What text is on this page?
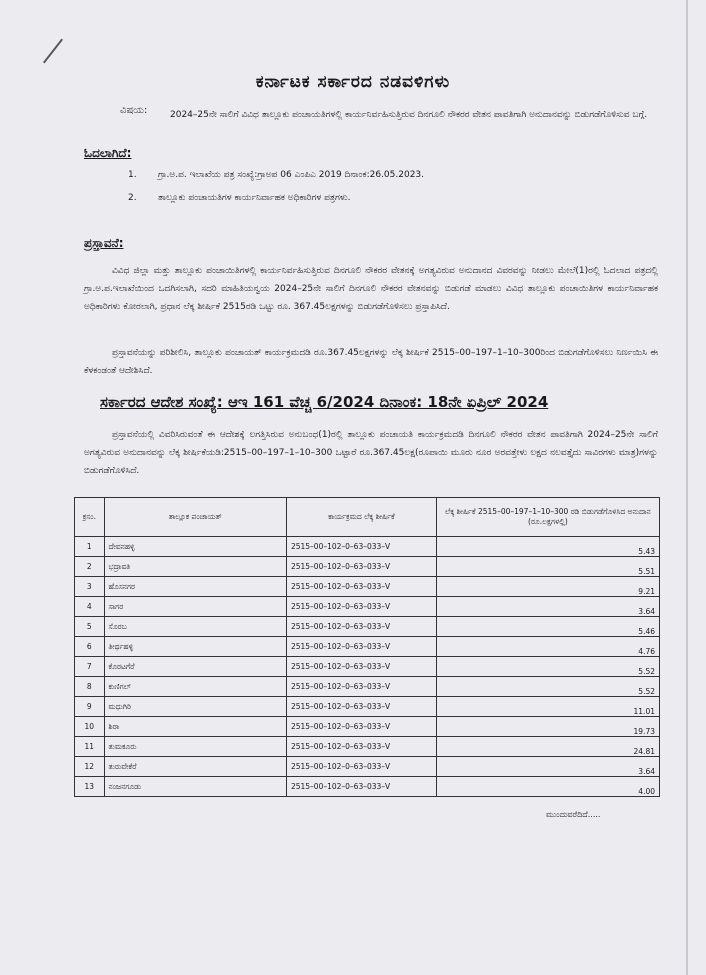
ಕರ್ನಾಟಕ ಸರ್ಕಾರದ ನಡವಳಿಗಳು
ವಿಷಯ:	2024–25ನೇ ಸಾಲಿಗೆ ವಿವಿಧ ತಾಲ್ಲೂಕು ಪಂಚಾಯತಿಗಳಲ್ಲಿ ಕಾರ್ಯನಿರ್ವಹಿಸುತ್ತಿರುವ ದಿನಗೂಲಿ ನೌಕರರ ವೇತನ ಪಾವತಿಗಾಗಿ ಅನುದಾನವನ್ನು ಬಿಡುಗಡೆಗೊಳಿಸುವ ಬಗ್ಗೆ.
ಓದಲಾಗಿದೆ:
1. ಗ್ರಾ.ಅ.ಪ. ಇಲಾಖೆಯ ಪತ್ರ ಸಂಖ್ಯೆ:ಗ್ರಾಅಪ 06 ಎಂಪಿಎ 2019 ದಿನಾಂಕ:26.05.2023.
2. ತಾಲ್ಲೂಕು ಪಂಚಾಯತಿಗಳ ಕಾರ್ಯನಿರ್ವಾಹಕ ಅಧಿಕಾರಿಗಳ ಪತ್ರಗಳು.
ಪ್ರಸ್ತಾವನೆ:
ವಿವಿಧ ಜಿಲ್ಲಾ ಮತ್ತು ತಾಲ್ಲೂಕು ಪಂಚಾಯಿತಿಗಳಲ್ಲಿ ಕಾರ್ಯನಿರ್ವಹಿಸುತ್ತಿರುವ ದಿನಗೂಲಿ ನೌಕರರ ವೇತನಕ್ಕೆ ಅಗತ್ಯವಿರುವ ಅನುದಾನದ ವಿವರವನ್ನು ನೀಡಲು ಮೇಲೆ(1)ರಲ್ಲಿ ಓದಲಾದ ಪತ್ರದಲ್ಲಿ ಗ್ರಾ.ಅ.ಪ.ಇಲಾಖೆಯಿಂದ ಒದಗಿಸಲಾಗಿ, ಸದರಿ ಮಾಹಿತಿಯನ್ವಯ 2024–25ನೇ ಸಾಲಿಗೆ ದಿನಗೂಲಿ ನೌಕರರ ವೇತನವನ್ನು ಬಿಡುಗಡೆ ಮಾಡಲು ವಿವಿಧ ತಾಲ್ಲೂಕು ಪಂಚಾಯಿತಿಗಳ ಕಾರ್ಯನಿರ್ವಾಹಕ ಅಧಿಕಾರಿಗಳು ಕೋರಲಾಗಿ, ಪ್ರಧಾನ ಲೆಕ್ಕ ಶೀರ್ಷಿಕೆ 2515ರಡಿ ಒಟ್ಟು ರೂ. 367.45ಲಕ್ಷಗಳನ್ನು ಬಿಡುಗಡೆಗೊಳಿಸಲು ಪ್ರಸ್ತಾಪಿಸಿದೆ.
ಪ್ರಸ್ತಾವನೆಯನ್ನು ಪರಿಶೀಲಿಸಿ, ತಾಲ್ಲೂಕು ಪಂಚಾಯತ್ ಕಾರ್ಯಕ್ರಮದಡಿ ರೂ.367.45ಲಕ್ಷಗಳನ್ನು ಲೆಕ್ಕ ಶೀರ್ಷಿಕೆ 2515–00–197–1–10–300ರಿಂದ ಬಿಡುಗಡೆಗೊಳಿಸಲು ನಿರ್ಣಯಿಸಿ ಈ ಕೆಳಕಂಡಂತೆ ಆದೇಶಿಸಿದೆ.
ಸರ್ಕಾರದ ಆದೇಶ ಸಂಖ್ಯೆ: ಆಇ 161 ವೆಚ್ಚ 6/2024 ದಿನಾಂಕ: 18ನೇ ಏಪ್ರಿಲ್ 2024
ಪ್ರಸ್ತಾವನೆಯಲ್ಲಿ ವಿವರಿಸಿರುವಂತೆ ಈ ಆದೇಶಕ್ಕೆ ಲಗತ್ತಿಸಿರುವ ಅನುಬಂಧ(1)ರಲ್ಲಿ ತಾಲ್ಲೂಕು ಪಂಚಾಯತಿ ಕಾರ್ಯಕ್ರಮದಡಿ ದಿನಗೂಲಿ ನೌಕರರ ವೇತನ ಪಾವತಿಗಾಗಿ 2024–25ನೇ ಸಾಲಿಗೆ ಅಗತ್ಯವಿರುವ ಅನುದಾನವನ್ನು ಲೆಕ್ಕ ಶೀರ್ಷಿಕೆಯಡಿ:2515–00–197–1–10–300 ಒಟ್ಟಾರೆ ರೂ.367.45ಲಕ್ಷ(ರೂಪಾಯಿ ಮೂರು ನೂರ ಅರವತ್ತೇಳು ಲಕ್ಷದ ನಲವತ್ತೈದು ಸಾವಿರಗಳು ಮಾತ್ರ)ಗಳನ್ನು ಬಿಡುಗಡೆಗೊಳಿಸಿದೆ.
ಕ್ರಸಂ.	ತಾಲ್ಲೂಕ ಪಂಚಾಯತ್	ಕಾರ್ಯಕ್ರಮದ ಲೆಕ್ಕ ಶೀರ್ಷಿಕೆ	ಲೆಕ್ಕ ಶೀರ್ಷಿಕೆ 2515–00–197–1–10–300 ರಡಿ ಬಿಡುಗಡೆಗೊಳಿಸಿದ ಅನುದಾನ (ರೂ.ಲಕ್ಷಗಳಲ್ಲಿ)
1	ದೇವನಹಳ್ಳಿ	2515–00–102–0–63–033–V	5.43
2	ಭದ್ರಾವತಿ	2515–00–102–0–63–033–V	5.51
3	ಹೊಸನಗರ	2515–00–102–0–63–033–V	9.21
4	ಸಾಗರ	2515–00–102–0–63–033–V	3.64
5	ಸೊರಬ	2515–00–102–0–63–033–V	5.46
6	ತೀರ್ಥಹಳ್ಳಿ	2515–00–102–0–63–033–V	4.76
7	ಕೊರಟಗೆರೆ	2515–00–102–0–63–033–V	5.52
8	ಕುಣಿಗಲ್	2515–00–102–0–63–033–V	5.52
9	ಮಧುಗಿರಿ	2515–00–102–0–63–033–V	11.01
10	ಶಿರಾ	2515–00–102–0–63–033–V	19.73
11	ತುಮಕೂರು	2515–00–102–0–63–033–V	24.81
12	ತುರುವೇಕೆರೆ	2515–00–102–0–63–033–V	3.64
13	ನಂಜನಗೂಡು	2515–00–102–0–63–033–V	4.00
ಮುಂದುವರೆದಿದೆ.....
